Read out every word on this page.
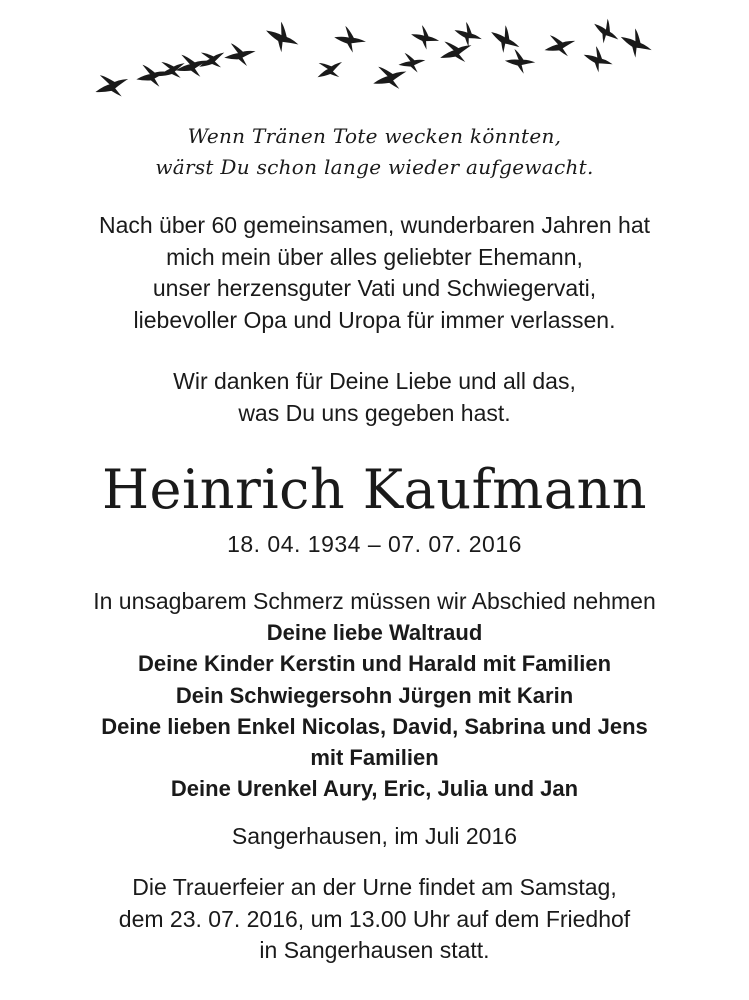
Wenn Tränen Tote wecken könnten,
wärst Du schon lange wieder aufgewacht.
Nach über 60 gemeinsamen, wunderbaren Jahren hat
mich mein über alles geliebter Ehemann,
unser herzensguter Vati und Schwiegervati,
liebevoller Opa und Uropa für immer verlassen.
Wir danken für Deine Liebe und all das,
was Du uns gegeben hast.
Heinrich Kaufmann
18. 04. 1934 – 07. 07. 2016
In unsagbarem Schmerz müssen wir Abschied nehmen
Deine liebe Waltraud
Deine Kinder Kerstin und Harald mit Familien
Dein Schwiegersohn Jürgen mit Karin
Deine lieben Enkel Nicolas, David, Sabrina und Jens
mit Familien
Deine Urenkel Aury, Eric, Julia und Jan
Sangerhausen, im Juli 2016
Die Trauerfeier an der Urne findet am Samstag,
dem 23. 07. 2016, um 13.00 Uhr auf dem Friedhof
in Sangerhausen statt.
